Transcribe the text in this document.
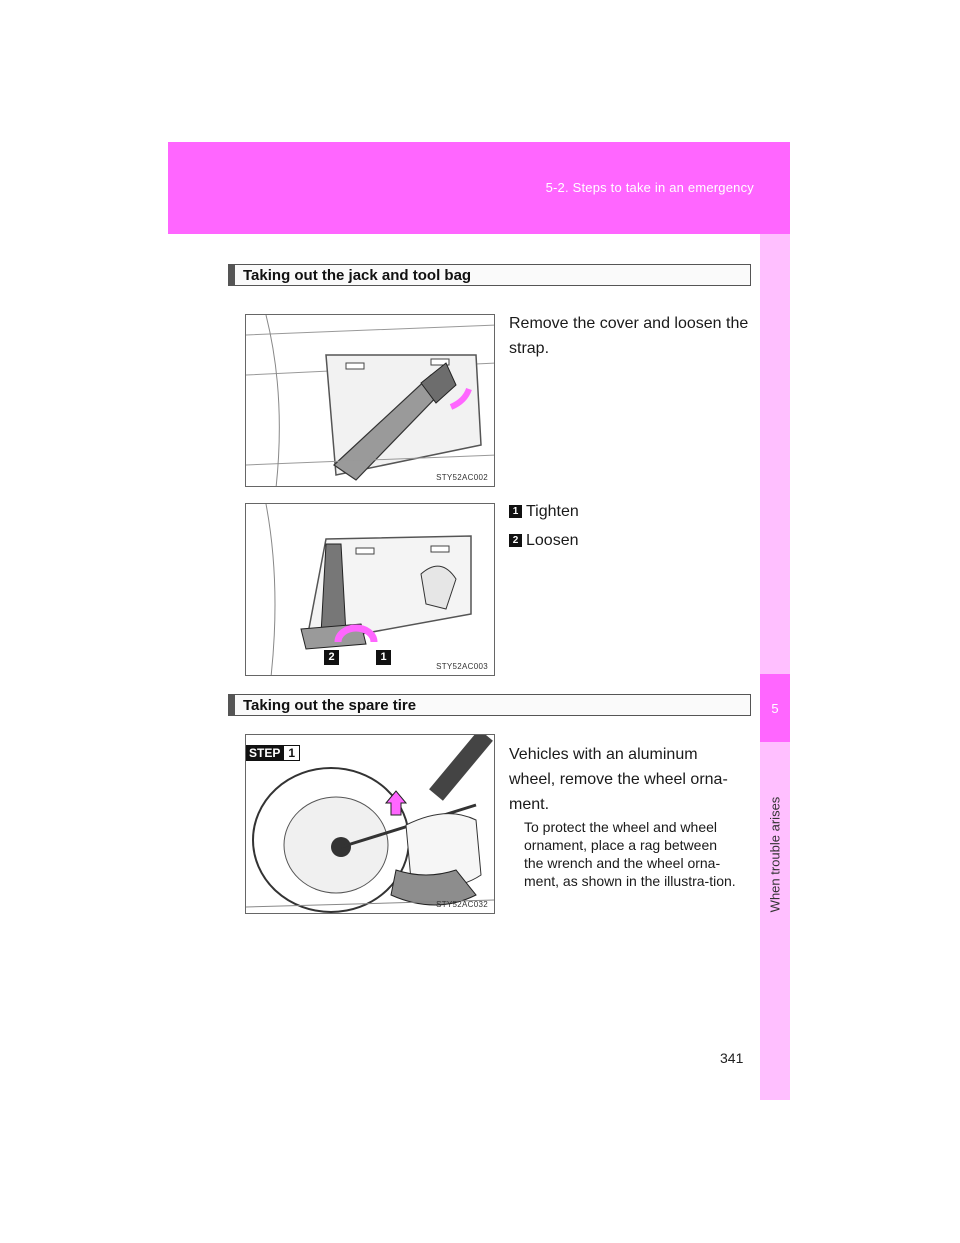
5-2. Steps to take in an emergency
5
When trouble arises
Taking out the jack and tool bag
STY52AC002
Remove the cover and loosen the strap.
2	1
STY52AC003
1 Tighten
2 Loosen
Taking out the spare tire
STY52AC032
STEP 1	Vehicles with an aluminum wheel, remove the wheel orna-ment.
To protect the wheel and wheel ornament, place a rag between the wrench and the wheel orna-ment, as shown in the illustra-tion.
341
